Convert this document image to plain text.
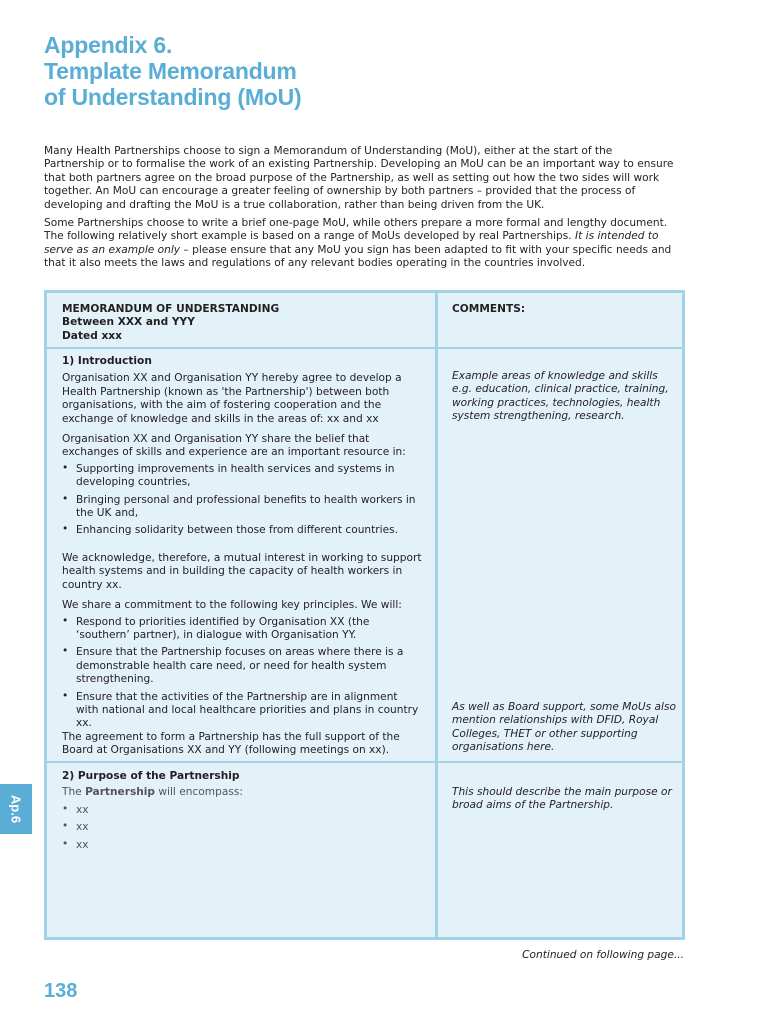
Appendix 6.
Template Memorandum
of Understanding (MoU)

Many Health Partnerships choose to sign a Memorandum of Understanding (MoU), either at the start of the Partnership or to formalise the work of an existing Partnership. Developing an MoU can be an important way to ensure that both partners agree on the broad purpose of the Partnership, as well as setting out how the two sides will work together. An MoU can encourage a greater feeling of ownership by both partners – provided that the process of developing and drafting the MoU is a true collaboration, rather than being driven from the UK.

Some Partnerships choose to write a brief one-page MoU, while others prepare a more formal and lengthy document. The following relatively short example is based on a range of MoUs developed by real Partnerships. It is intended to serve as an example only – please ensure that any MoU you sign has been adapted to fit with your specific needs and that it also meets the laws and regulations of any relevant bodies operating in the countries involved.

MEMORANDUM OF UNDERSTANDING
Between XXX and YYY
Dated xxx
COMMENTS:
1) Introduction
Organisation XX and Organisation YY hereby agree to develop a Health Partnership (known as 'the Partnership') between both organisations, with the aim of fostering cooperation and the exchange of knowledge and skills in the areas of: xx and xx
Organisation XX and Organisation YY share the belief that exchanges of skills and experience are an important resource in:
• Supporting improvements in health services and systems in developing countries,
• Bringing personal and professional benefits to health workers in the UK and,
• Enhancing solidarity between those from different countries.
We acknowledge, therefore, a mutual interest in working to support health systems and in building the capacity of health workers in country xx.
We share a commitment to the following key principles. We will:
• Respond to priorities identified by Organisation XX (the ‘southern’ partner), in dialogue with Organisation YY.
• Ensure that the Partnership focuses on areas where there is a demonstrable health care need, or need for health system strengthening.
• Ensure that the activities of the Partnership are in alignment with national and local healthcare priorities and plans in country xx.
The agreement to form a Partnership has the full support of the Board at Organisations XX and YY (following meetings on xx).
Example areas of knowledge and skills e.g. education, clinical practice, training, working practices, technologies, health system strengthening, research.
As well as Board support, some MoUs also mention relationships with DFID, Royal Colleges, THET or other supporting organisations here.
2) Purpose of the Partnership
The Partnership will encompass:
• xx
• xx
• xx
This should describe the main purpose or broad aims of the Partnership.
Ap.6
Continued on following page...
138
